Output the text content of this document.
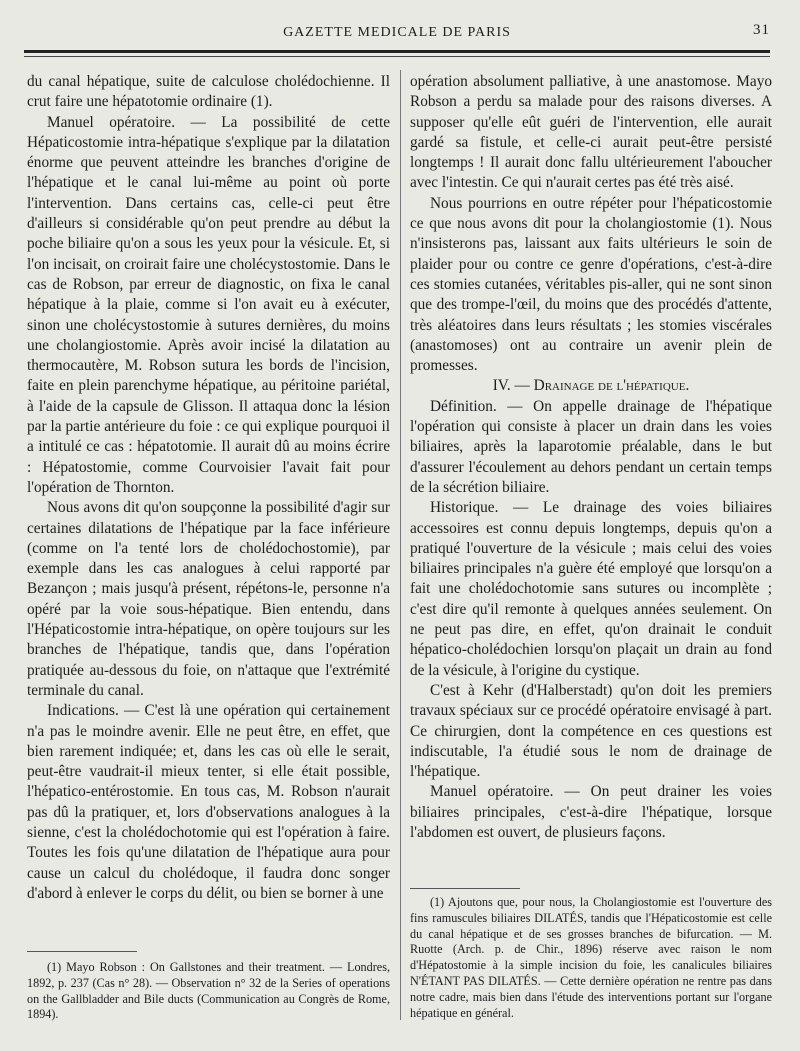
GAZETTE MEDICALE DE PARIS	31

du canal hépatique, suite de calculose cholédochienne. Il crut faire une hépatotomie ordinaire (1).

Manuel opératoire. — La possibilité de cette Hépaticostomie intra-hépatique s'explique par la dilatation énorme que peuvent atteindre les branches d'origine de l'hépatique et le canal lui-même au point où porte l'intervention. Dans certains cas, celle-ci peut être d'ailleurs si considérable qu'on peut prendre au début la poche biliaire qu'on a sous les yeux pour la vésicule. Et, si l'on incisait, on croirait faire une cholécystostomie. Dans le cas de Robson, par erreur de diagnostic, on fixa le canal hépatique à la plaie, comme si l'on avait eu à exécuter, sinon une cholécystostomie à sutures dernières, du moins une cholangiostomie. Après avoir incisé la dilatation au thermocautère, M. Robson sutura les bords de l'incision, faite en plein parenchyme hépatique, au péritoine pariétal, à l'aide de la capsule de Glisson. Il attaqua donc la lésion par la partie antérieure du foie : ce qui explique pourquoi il a intitulé ce cas : hépatotomie. Il aurait dû au moins écrire : Hépatostomie, comme Courvoisier l'avait fait pour l'opération de Thornton.

Nous avons dit qu'on soupçonne la possibilité d'agir sur certaines dilatations de l'hépatique par la face inférieure (comme on l'a tenté lors de cholédochostomie), par exemple dans les cas analogues à celui rapporté par Bezançon ; mais jusqu'à présent, répétons-le, personne n'a opéré par la voie sous-hépatique. Bien entendu, dans l'Hépaticostomie intra-hépatique, on opère toujours sur les branches de l'hépatique, tandis que, dans l'opération pratiquée au-dessous du foie, on n'attaque que l'extrémité terminale du canal.

Indications. — C'est là une opération qui certainement n'a pas le moindre avenir. Elle ne peut être, en effet, que bien rarement indiquée; et, dans les cas où elle le serait, peut-être vaudrait-il mieux tenter, si elle était possible, l'hépatico-entérostomie. En tous cas, M. Robson n'aurait pas dû la pratiquer, et, lors d'observations analogues à la sienne, c'est la cholédochotomie qui est l'opération à faire. Toutes les fois qu'une dilatation de l'hépatique aura pour cause un calcul du cholédoque, il faudra donc songer d'abord à enlever le corps du délit, ou bien se borner à une

opération absolument palliative, à une anastomose. Mayo Robson a perdu sa malade pour des raisons diverses. A supposer qu'elle eût guéri de l'intervention, elle aurait gardé sa fistule, et celle-ci aurait peut-être persisté longtemps ! Il aurait donc fallu ultérieurement l'aboucher avec l'intestin. Ce qui n'aurait certes pas été très aisé.

Nous pourrions en outre répéter pour l'hépaticostomie ce que nous avons dit pour la cholangiostomie (1). Nous n'insisterons pas, laissant aux faits ultérieurs le soin de plaider pour ou contre ce genre d'opérations, c'est-à-dire ces stomies cutanées, véritables pis-aller, qui ne sont sinon que des trompe-l'œil, du moins que des procédés d'attente, très aléatoires dans leurs résultats ; les stomies viscérales (anastomoses) ont au contraire un avenir plein de promesses.

IV. — Drainage de l'hépatique.

Définition. — On appelle drainage de l'hépatique l'opération qui consiste à placer un drain dans les voies biliaires, après la laparotomie préalable, dans le but d'assurer l'écoulement au dehors pendant un certain temps de la sécrétion biliaire.

Historique. — Le drainage des voies biliaires accessoires est connu depuis longtemps, depuis qu'on a pratiqué l'ouverture de la vésicule ; mais celui des voies biliaires principales n'a guère été employé que lorsqu'on a fait une cholédochotomie sans sutures ou incomplète ; c'est dire qu'il remonte à quelques années seulement. On ne peut pas dire, en effet, qu'on drainait le conduit hépatico-cholédochien lorsqu'on plaçait un drain au fond de la vésicule, à l'origine du cystique.

C'est à Kehr (d'Halberstadt) qu'on doit les premiers travaux spéciaux sur ce procédé opératoire envisagé à part. Ce chirurgien, dont la compétence en ces questions est indiscutable, l'a étudié sous le nom de drainage de l'hépatique.

Manuel opératoire. — On peut drainer les voies biliaires principales, c'est-à-dire l'hépatique, lorsque l'abdomen est ouvert, de plusieurs façons.

(1) Ajoutons que, pour nous, la Cholangiostomie est l'ouverture des fins ramuscules biliaires DILATÉS, tandis que l'Hépaticostomie est celle du canal hépatique et de ses grosses branches de bifurcation. — M. Ruotte (Arch. p. de Chir., 1896) réserve avec raison le nom d'Hépatostomie à la simple incision du foie, les canalicules biliaires N'ÉTANT PAS DILATÉS. — Cette dernière opération ne rentre pas dans notre cadre, mais bien dans l'étude des interventions portant sur l'organe hépatique en général.

(1) Mayo Robson : On Gallstones and their treatment. — Londres, 1892, p. 237 (Cas n° 28). — Observation n° 32 de la Series of operations on the Gallbladder and Bile ducts (Communication au Congrès de Rome, 1894).
